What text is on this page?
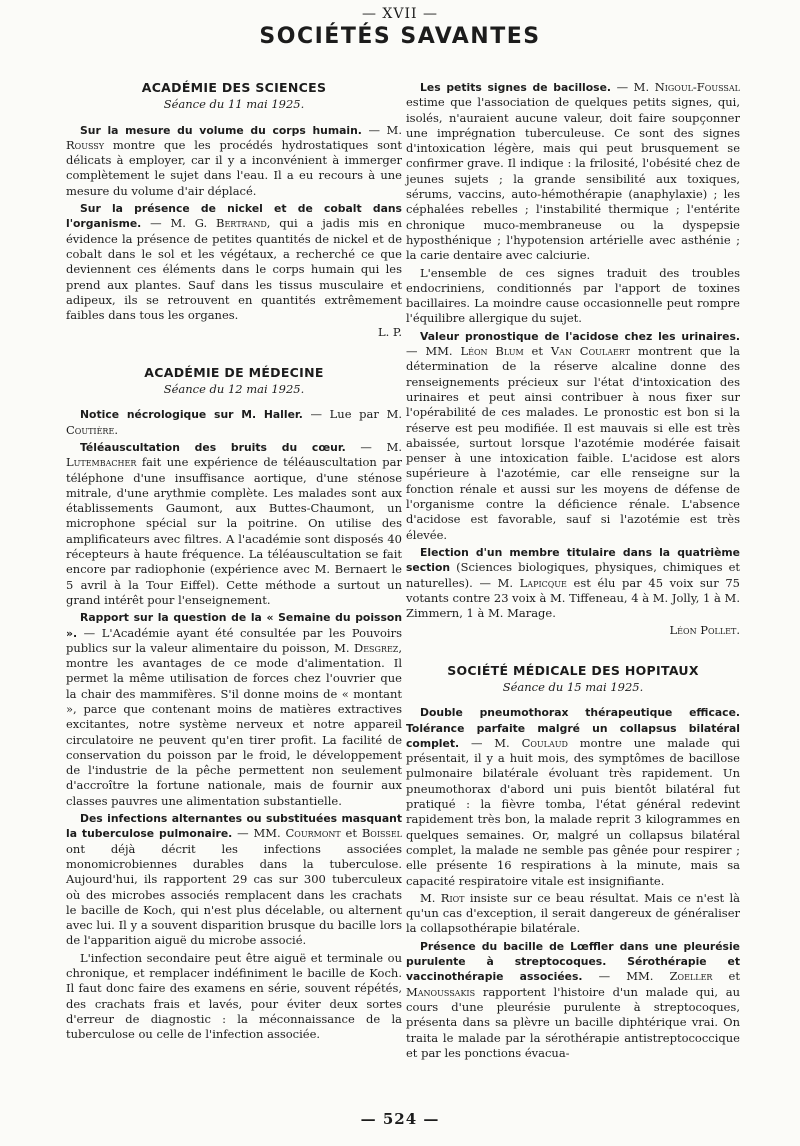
— XVII —
SOCIÉTÉS SAVANTES
ACADÉMIE DES SCIENCES
Séance du 11 mai 1925.

Sur la mesure du volume du corps humain. — M. Roussy montre que les procédés hydrostatiques sont délicats à employer, car il y a inconvénient à immerger complètement le sujet dans l'eau. Il a eu recours à une mesure du volume d'air déplacé.

Sur la présence de nickel et de cobalt dans l'organisme. — M. G. Bertrand, qui a jadis mis en évidence la présence de petites quantités de nickel et de cobalt dans le sol et les végétaux, a recherché ce que deviennent ces éléments dans le corps humain qui les prend aux plantes. Sauf dans les tissus musculaire et adipeux, ils se retrouvent en quantités extrêmement faibles dans tous les organes.

L. P.

ACADÉMIE DE MÉDECINE
Séance du 12 mai 1925.

Notice nécrologique sur M. Haller. — Lue par M. Coutière.

Téléauscultation des bruits du cœur. — M. Lutembacher fait une expérience de téléauscultation par téléphone d'une insuffisance aortique, d'une sténose mitrale, d'une arythmie complète. Les malades sont aux établissements Gaumont, aux Buttes-Chaumont, un microphone spécial sur la poitrine. On utilise des amplificateurs avec filtres. A l'académie sont disposés 40 récepteurs à haute fréquence. La téléauscultation se fait encore par radiophonie (expérience avec M. Bernaert le 5 avril à la Tour Eiffel). Cette méthode a surtout un grand intérêt pour l'enseignement.

Rapport sur la question de la « Semaine du poisson ». — L'Académie ayant été consultée par les Pouvoirs publics sur la valeur alimentaire du poisson, M. Desgrez, montre les avantages de ce mode d'alimentation. Il permet la même utilisation de forces chez l'ouvrier que la chair des mammifères. S'il donne moins de « montant », parce que contenant moins de matières extractives excitantes, notre système nerveux et notre appareil circulatoire ne peuvent qu'en tirer profit. La facilité de conservation du poisson par le froid, le développement de l'industrie de la pêche permettent non seulement d'accroître la fortune nationale, mais de fournir aux classes pauvres une alimentation substantielle.

Des infections alternantes ou substituées masquant la tuberculose pulmonaire. — MM. Courmont et Boissel ont déjà décrit les infections associées monomicrobiennes durables dans la tuberculose. Aujourd'hui, ils rapportent 29 cas sur 300 tuberculeux où des microbes associés remplacent dans les crachats le bacille de Koch, qui n'est plus décelable, ou alternent avec lui. Il y a souvent disparition brusque du bacille lors de l'apparition aiguë du microbe associé.

L'infection secondaire peut être aiguë et terminale ou chronique, et remplacer indéfiniment le bacille de Koch. Il faut donc faire des examens en série, souvent répétés, des crachats frais et lavés, pour éviter deux sortes d'erreur de diagnostic : la méconnaissance de la tuberculose ou celle de l'infection associée.

Les petits signes de bacillose. — M. Nigoul-Foussal estime que l'association de quelques petits signes, qui, isolés, n'auraient aucune valeur, doit faire soupçonner une imprégnation tuberculeuse. Ce sont des signes d'intoxication légère, mais qui peut brusquement se confirmer grave. Il indique : la frilosité, l'obésité chez de jeunes sujets ; la grande sensibilité aux toxiques, sérums, vaccins, auto-hémothérapie (anaphylaxie) ; les céphalées rebelles ; l'instabilité thermique ; l'entérite chronique muco-membraneuse ou la dyspepsie hyposthénique ; l'hypotension artérielle avec asthénie ; la carie dentaire avec calciurie.

L'ensemble de ces signes traduit des troubles endocriniens, conditionnés par l'apport de toxines bacillaires. La moindre cause occasionnelle peut rompre l'équilibre allergique du sujet.

Valeur pronostique de l'acidose chez les urinaires. — MM. Léon Blum et Van Coulaert montrent que la détermination de la réserve alcaline donne des renseignements précieux sur l'état d'intoxication des urinaires et peut ainsi contribuer à nous fixer sur l'opérabilité de ces malades. Le pronostic est bon si la réserve est peu modifiée. Il est mauvais si elle est très abaissée, surtout lorsque l'azotémie modérée faisait penser à une intoxication faible. L'acidose est alors supérieure à l'azotémie, car elle renseigne sur la fonction rénale et aussi sur les moyens de défense de l'organisme contre la déficience rénale. L'absence d'acidose est favorable, sauf si l'azotémie est très élevée.

Election d'un membre titulaire dans la quatrième section (Sciences biologiques, physiques, chimiques et naturelles). — M. Lapicque est élu par 45 voix sur 75 votants contre 23 voix à M. Tiffeneau, 4 à M. Jolly, 1 à M. Zimmern, 1 à M. Marage.

Léon Pollet.

SOCIÉTÉ MÉDICALE DES HOPITAUX
Séance du 15 mai 1925.

Double pneumothorax thérapeutique efficace. Tolérance parfaite malgré un collapsus bilatéral complet. — M. Coulaud montre une malade qui présentait, il y a huit mois, des symptômes de bacillose pulmonaire bilatérale évoluant très rapidement. Un pneumothorax d'abord uni puis bientôt bilatéral fut pratiqué : la fièvre tomba, l'état général redevint rapidement très bon, la malade reprit 3 kilogrammes en quelques semaines. Or, malgré un collapsus bilatéral complet, la malade ne semble pas gênée pour respirer ; elle présente 16 respirations à la minute, mais sa capacité respiratoire vitale est insignifiante.

M. Riot insiste sur ce beau résultat. Mais ce n'est là qu'un cas d'exception, il serait dangereux de généraliser la collapsothérapie bilatérale.

Présence du bacille de Lœffler dans une pleurésie purulente à streptocoques. Sérothérapie et vaccinothérapie associées. — MM. Zoeller et Manoussakis rapportent l'histoire d'un malade qui, au cours d'une pleurésie purulente à streptocoques, présenta dans sa plèvre un bacille diphtérique vrai. On traita le malade par la sérothérapie antistreptococcique et par les ponctions évacua-

— 524 —
